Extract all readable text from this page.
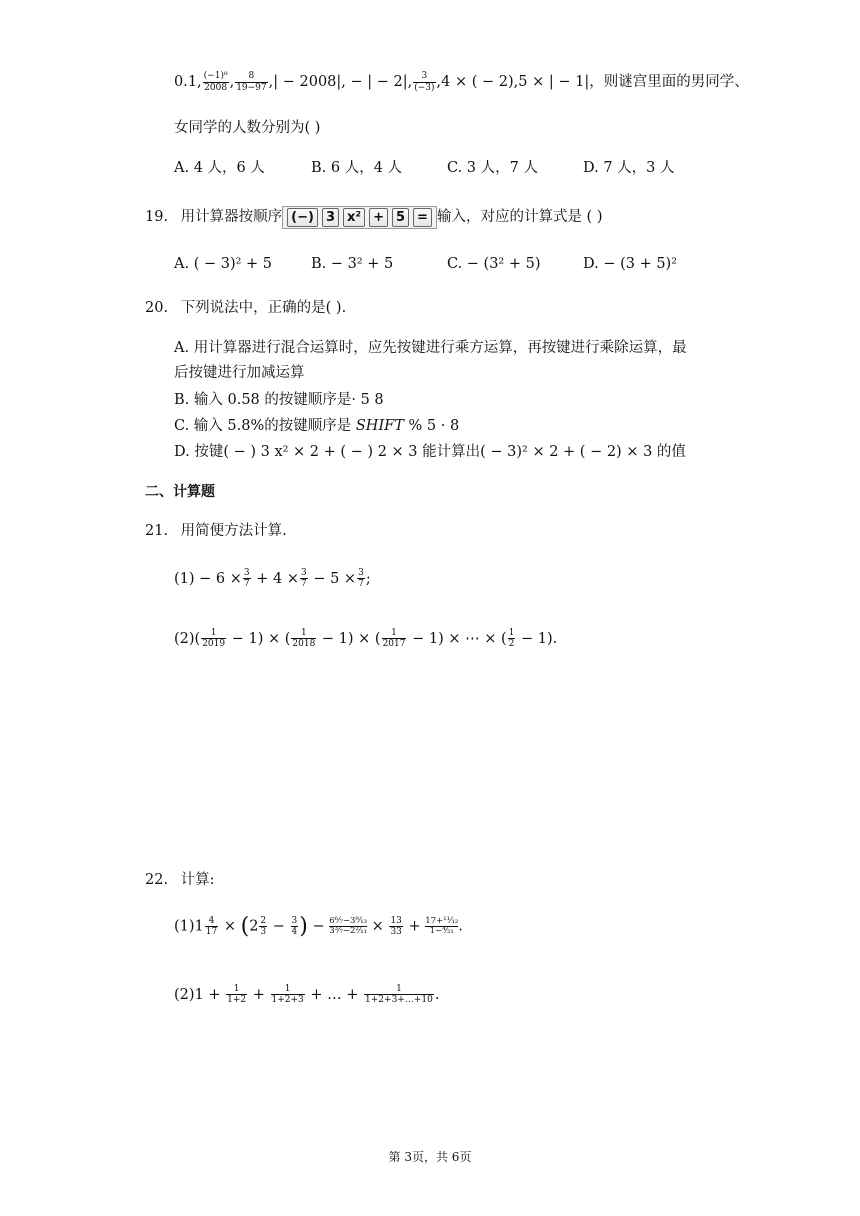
0.1, $\frac{\text{(−1)⁸}}{2008}$ , $\frac{8}{19-97}$ ,| − 2008|, − | − 2|, $\frac{3}{(-3)} ,4$ × ( − 2),5 × | − 1|，则谜宫里面的男同学、
女同学的人数分别为( )
A. 4 人，6 人	B. 6 人，4 人	C. 3 人，7 人	D. 7 人，3 人
19. 用计算器按顺序 (−) 3 x² + 5 = 输入，对应的计算式是 ( )
A. ( − 3)² + 5	B. − 3² + 5	C. − (3² + 5)	D. − (3 + 5)²
20. 下列说法中，正确的是( ).
A. 用计算器进行混合运算时，应先按键进行乘方运算，再按键进行乘除运算，最
后按键进行加减运算
B. 输入 0.58 的按键顺序是· 5 8
C. 输入 5.8%的按键顺序是 SHIFT % 5 · 8
D. 按键( − ) 3 x² × 2 + ( − ) 2 × 3 能计算出( − 3)² × 2 + ( − 2) × 3 的值
二、计算题
21. 用简便方法计算.
$(1) - 6 \times \frac{3}{7} + 4 \times \frac{3}{7} - 5 \times \frac{3}{7}$ ;
$(2)( \frac{1}{2019} - 1)$ × ( $\frac{1}{2018} - 1$) × ( $\frac{1}{2017} - 1$) × ⋯ × ( $\frac{1}{2} - 1$).
22. 计算:
$(1)1 \frac{4}{17} \times (2 \frac{2}{3} - \frac{3}{4}$ ) − $\frac{\text{6⁶⁄₇−3⁹⁄₁₃}}{\text{3³⁄₇−2²⁄₁₁}} \times \frac{13}{33} + \frac{\text{17+¹¹⁄₁₂}}{\text{1−⁴⁄₂₁}}$ .
$(2)1 + \frac{1}{1+2} + \frac{1}{1+2+3}$ + … + $\frac{1}{1+2+3+\dots+10}$ .
第 3页，共 6页
